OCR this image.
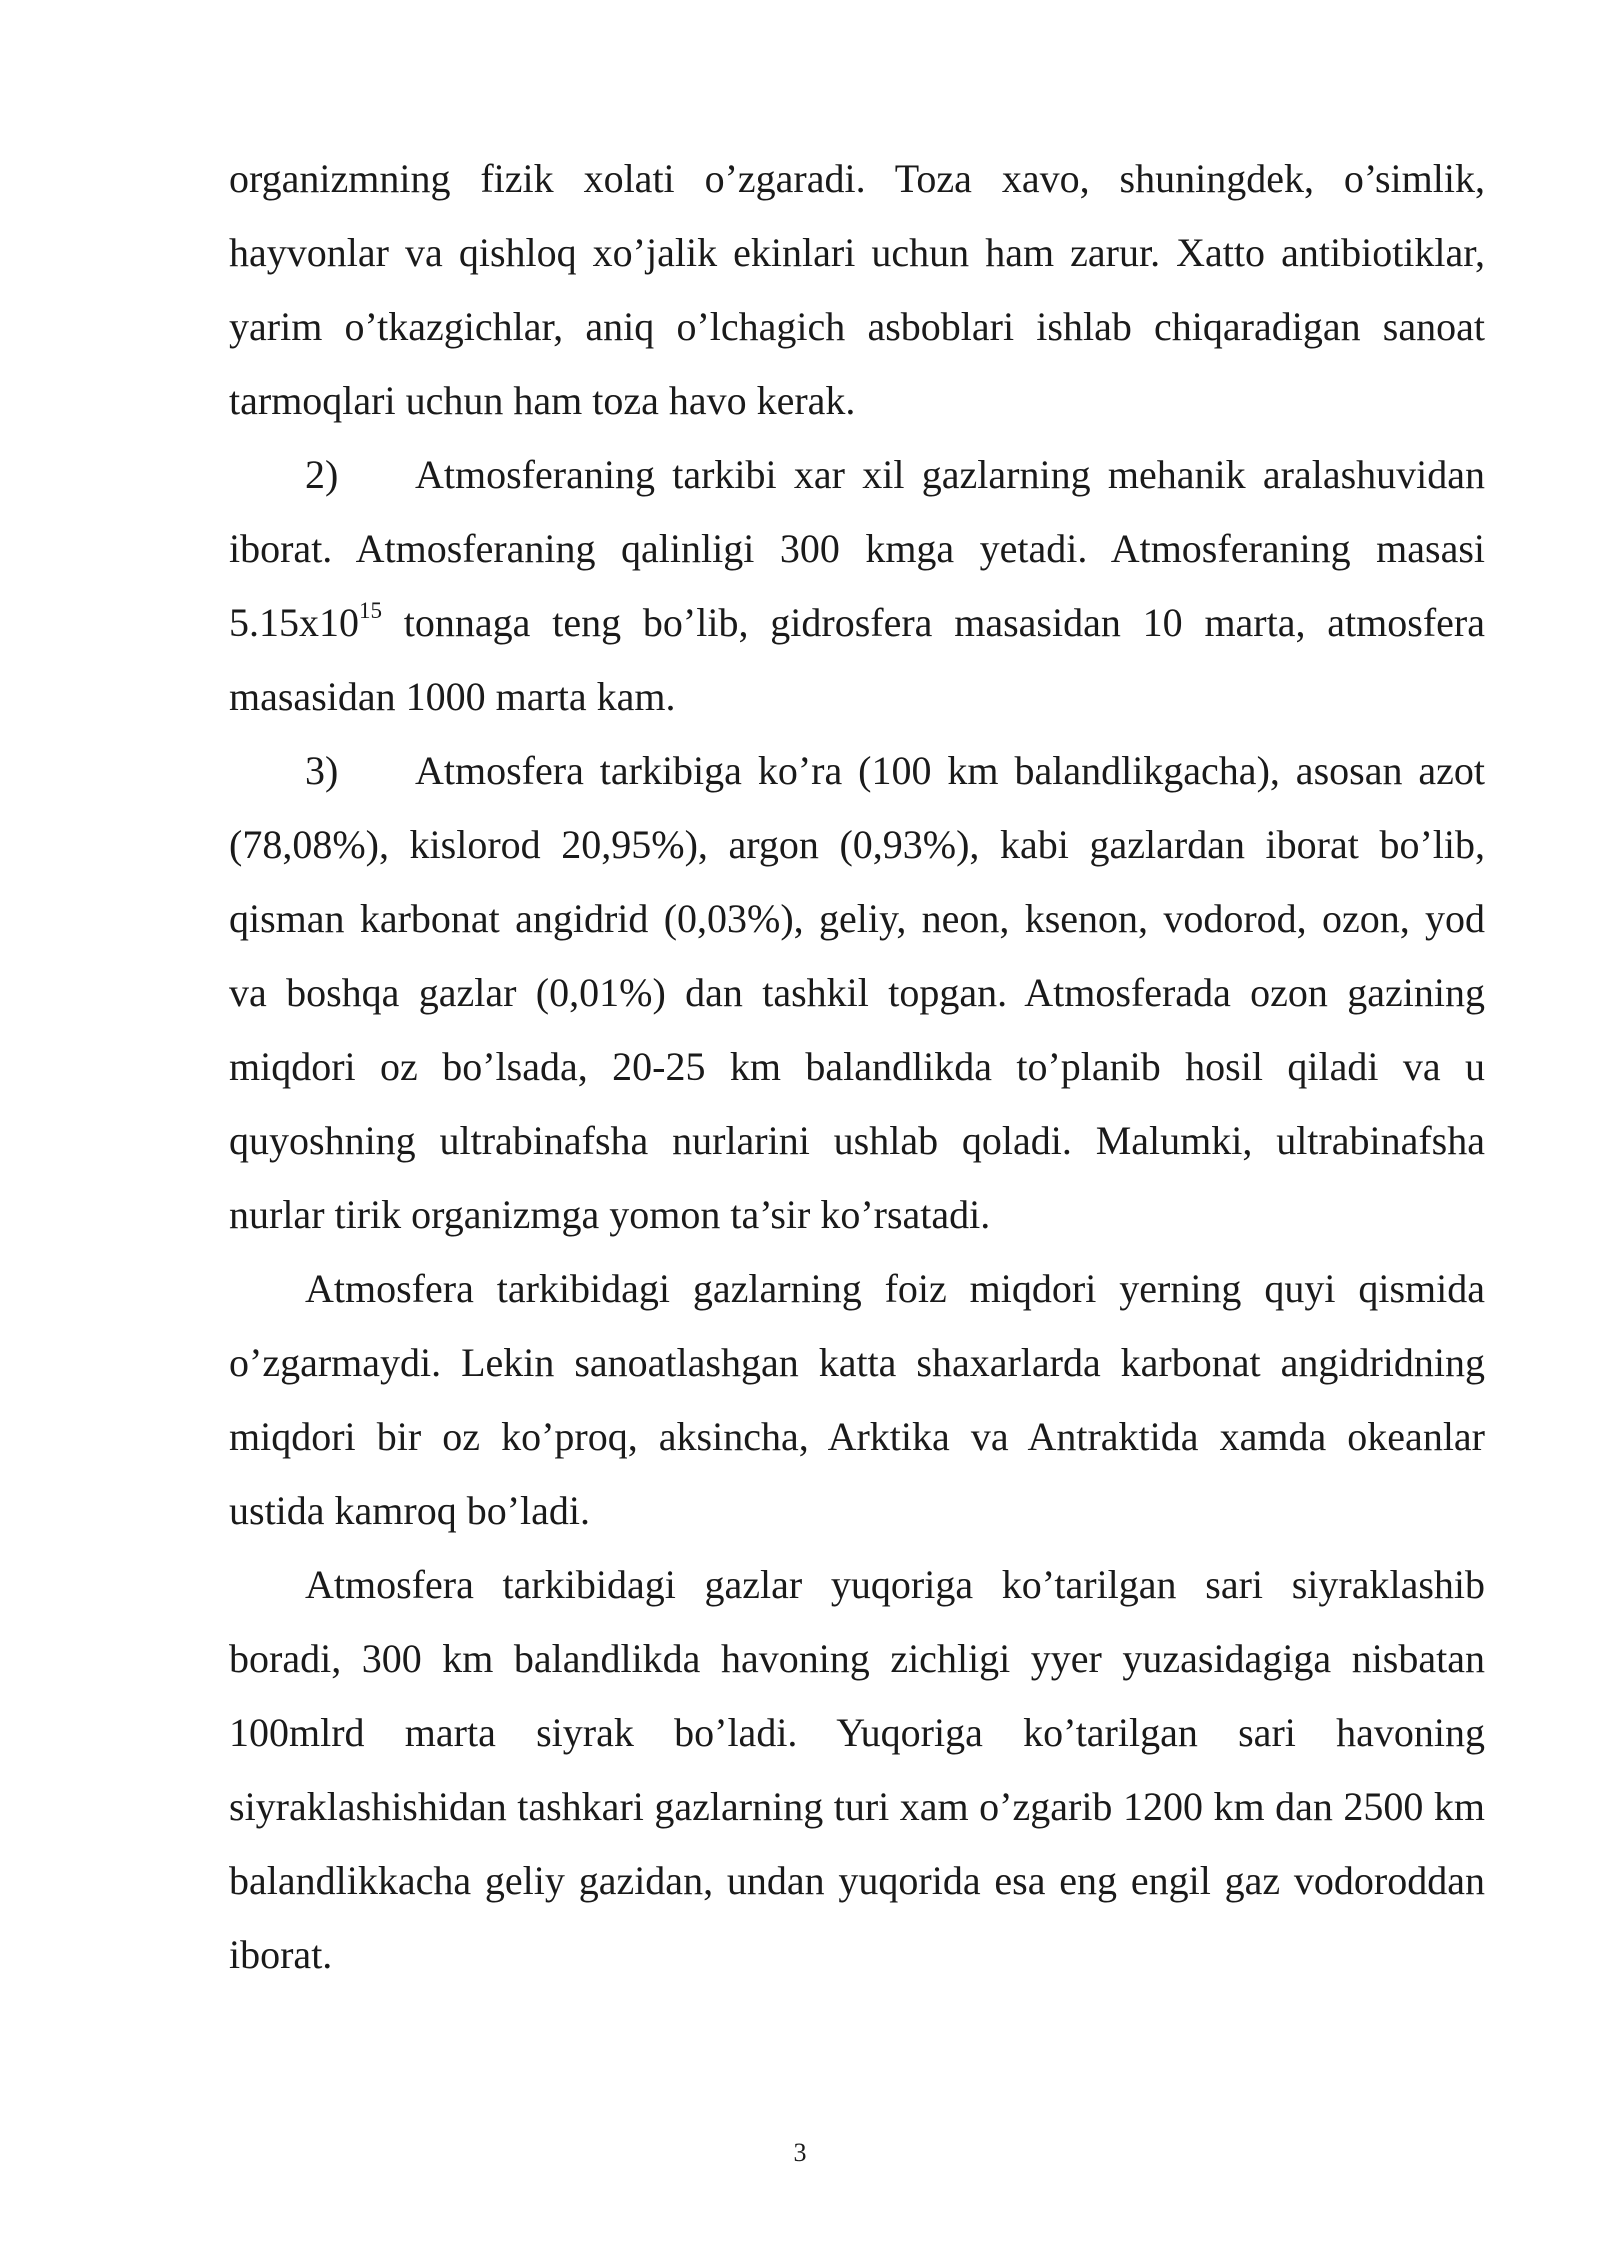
organizmning fizik xolati o’zgaradi. Toza xavo, shuningdek, o’simlik, hayvonlar va qishloq xo’jalik ekinlari uchun ham zarur. Xatto antibiotiklar, yarim o’tkazgichlar, aniq o’lchagich asboblari ishlab chiqaradigan sanoat tarmoqlari uchun ham toza havo kerak.

2) Atmosferaning tarkibi xar xil gazlarning mehanik aralashuvidan iborat. Atmosferaning qalinligi 300 kmga yetadi. Atmosferaning masasi $5.15x10^{15}$ tonnaga teng bo’lib, gidrosfera masasidan 10 marta, atmosfera masasidan 1000 marta kam.

3) Atmosfera tarkibiga ko’ra (100 km balandlikgacha), asosan azot (78,08%), kislorod 20,95%), argon (0,93%), kabi gazlardan iborat bo’lib, qisman karbonat angidrid (0,03%), geliy, neon, ksenon, vodorod, ozon, yod va boshqa gazlar (0,01%) dan tashkil topgan. Atmosferada ozon gazining miqdori oz bo’lsada, 20-25 km balandlikda to’planib hosil qiladi va u quyoshning ultrabinafsha nurlarini ushlab qoladi. Malumki, ultrabinafsha nurlar tirik organizmga yomon ta’sir ko’rsatadi.

Atmosfera tarkibidagi gazlarning foiz miqdori yerning quyi qismida o’zgarmaydi. Lekin sanoatlashgan katta shaxarlarda karbonat angidridning miqdori bir oz ko’proq, aksincha, Arktika va Antraktida xamda okeanlar ustida kamroq bo’ladi.

Atmosfera tarkibidagi gazlar yuqoriga ko’tarilgan sari siyraklashib boradi, 300 km balandlikda havoning zichligi yyer yuzasidagiga nisbatan 100mlrd marta siyrak bo’ladi. Yuqoriga ko’tarilgan sari havoning siyraklashishidan tashkari gazlarning turi xam o’zgarib 1200 km dan 2500 km balandlikkacha geliy gazidan, undan yuqorida esa eng engil gaz vodoroddan iborat.

3
